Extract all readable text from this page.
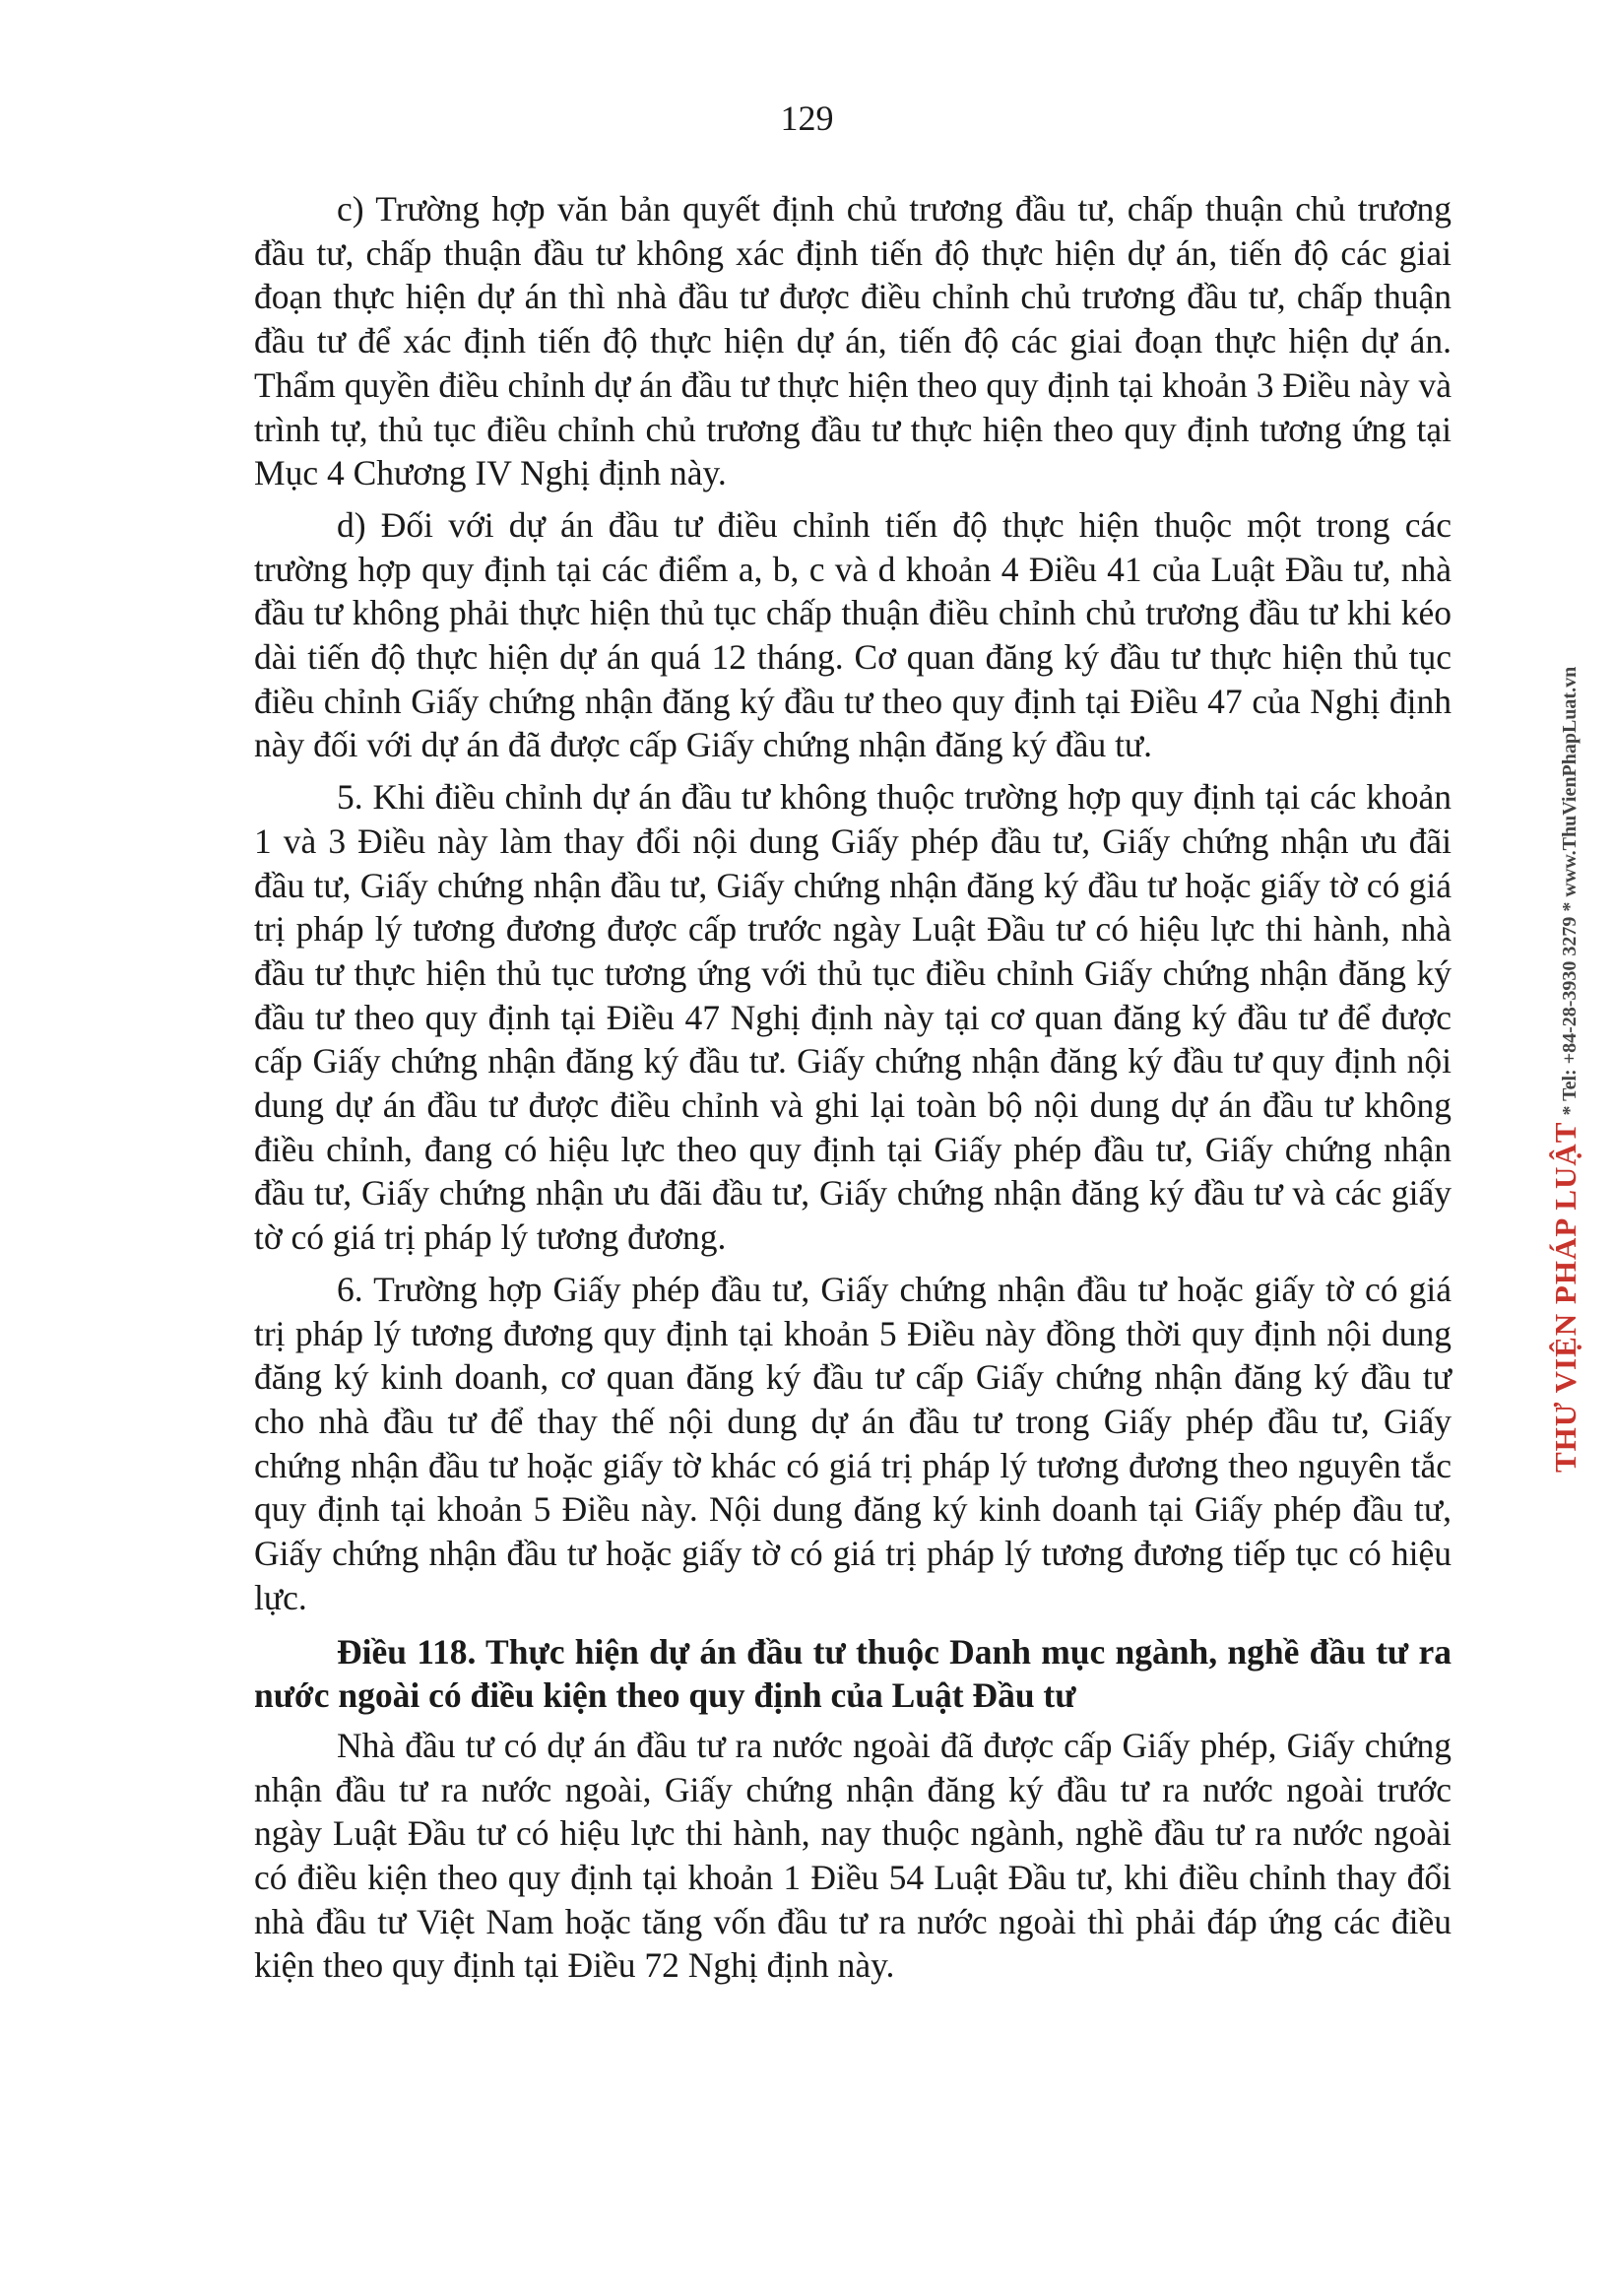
129

c) Trường hợp văn bản quyết định chủ trương đầu tư, chấp thuận chủ trương đầu tư, chấp thuận đầu tư không xác định tiến độ thực hiện dự án, tiến độ các giai đoạn thực hiện dự án thì nhà đầu tư được điều chỉnh chủ trương đầu tư, chấp thuận đầu tư để xác định tiến độ thực hiện dự án, tiến độ các giai đoạn thực hiện dự án. Thẩm quyền điều chỉnh dự án đầu tư thực hiện theo quy định tại khoản 3 Điều này và trình tự, thủ tục điều chỉnh chủ trương đầu tư thực hiện theo quy định tương ứng tại Mục 4 Chương IV Nghị định này.

d) Đối với dự án đầu tư điều chỉnh tiến độ thực hiện thuộc một trong các trường hợp quy định tại các điểm a, b, c và d khoản 4 Điều 41 của Luật Đầu tư, nhà đầu tư không phải thực hiện thủ tục chấp thuận điều chỉnh chủ trương đầu tư khi kéo dài tiến độ thực hiện dự án quá 12 tháng. Cơ quan đăng ký đầu tư thực hiện thủ tục điều chỉnh Giấy chứng nhận đăng ký đầu tư theo quy định tại Điều 47 của Nghị định này đối với dự án đã được cấp Giấy chứng nhận đăng ký đầu tư.

5. Khi điều chỉnh dự án đầu tư không thuộc trường hợp quy định tại các khoản 1 và 3 Điều này làm thay đổi nội dung Giấy phép đầu tư, Giấy chứng nhận ưu đãi đầu tư, Giấy chứng nhận đầu tư, Giấy chứng nhận đăng ký đầu tư hoặc giấy tờ có giá trị pháp lý tương đương được cấp trước ngày Luật Đầu tư có hiệu lực thi hành, nhà đầu tư thực hiện thủ tục tương ứng với thủ tục điều chỉnh Giấy chứng nhận đăng ký đầu tư theo quy định tại Điều 47 Nghị định này tại cơ quan đăng ký đầu tư để được cấp Giấy chứng nhận đăng ký đầu tư. Giấy chứng nhận đăng ký đầu tư quy định nội dung dự án đầu tư được điều chỉnh và ghi lại toàn bộ nội dung dự án đầu tư không điều chỉnh, đang có hiệu lực theo quy định tại Giấy phép đầu tư, Giấy chứng nhận đầu tư, Giấy chứng nhận ưu đãi đầu tư, Giấy chứng nhận đăng ký đầu tư và các giấy tờ có giá trị pháp lý tương đương.

6. Trường hợp Giấy phép đầu tư, Giấy chứng nhận đầu tư hoặc giấy tờ có giá trị pháp lý tương đương quy định tại khoản 5 Điều này đồng thời quy định nội dung đăng ký kinh doanh, cơ quan đăng ký đầu tư cấp Giấy chứng nhận đăng ký đầu tư cho nhà đầu tư để thay thế nội dung dự án đầu tư trong Giấy phép đầu tư, Giấy chứng nhận đầu tư hoặc giấy tờ khác có giá trị pháp lý tương đương theo nguyên tắc quy định tại khoản 5 Điều này. Nội dung đăng ký kinh doanh tại Giấy phép đầu tư, Giấy chứng nhận đầu tư hoặc giấy tờ có giá trị pháp lý tương đương tiếp tục có hiệu lực.

Điều 118. Thực hiện dự án đầu tư thuộc Danh mục ngành, nghề đầu tư ra nước ngoài có điều kiện theo quy định của Luật Đầu tư

Nhà đầu tư có dự án đầu tư ra nước ngoài đã được cấp Giấy phép, Giấy chứng nhận đầu tư ra nước ngoài, Giấy chứng nhận đăng ký đầu tư ra nước ngoài trước ngày Luật Đầu tư có hiệu lực thi hành, nay thuộc ngành, nghề đầu tư ra nước ngoài có điều kiện theo quy định tại khoản 1 Điều 54 Luật Đầu tư, khi điều chỉnh thay đổi nhà đầu tư Việt Nam hoặc tăng vốn đầu tư ra nước ngoài thì phải đáp ứng các điều kiện theo quy định tại Điều 72 Nghị định này.

THƯ VIỆN PHÁP LUẬT* Tel: +84-28-3930 3279 * www.ThuVienPhapLuat.vn
